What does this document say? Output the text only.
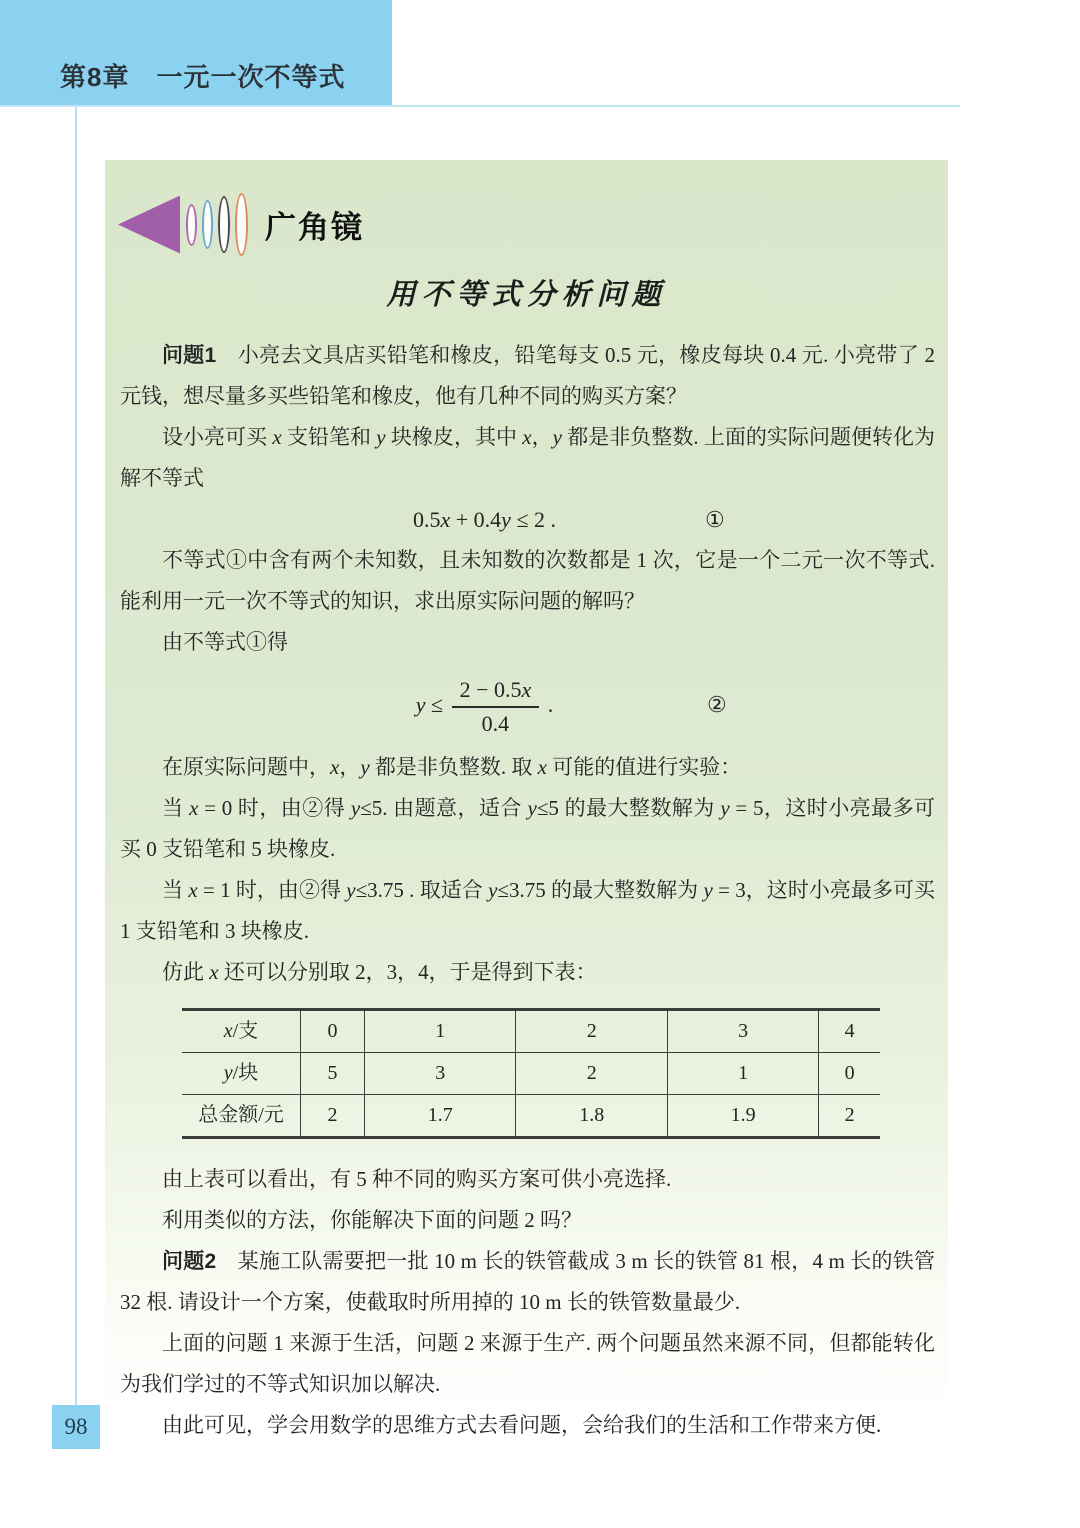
第8章　一元一次不等式
98
广角镜
用不等式分析问题

问题1　小亮去文具店买铅笔和橡皮，铅笔每支 0.5 元，橡皮每块 0.4 元. 小亮带了 2 元钱，想尽量多买些铅笔和橡皮，他有几种不同的购买方案？

设小亮可买 x 支铅笔和 y 块橡皮，其中 x，y 都是非负整数. 上面的实际问题便转化为解不等式

0.5x + 0.4y ≤ 2 .	①

不等式①中含有两个未知数，且未知数的次数都是 1 次，它是一个二元一次不等式. 能利用一元一次不等式的知识，求出原实际问题的解吗？

由不等式①得

$y \le \frac{2 - 0.5x}{0.4}$ .	②

在原实际问题中，x，y 都是非负整数. 取 x 可能的值进行实验：

当 x = 0 时，由②得 y≤5. 由题意，适合 y≤5 的最大整数解为 y = 5，这时小亮最多可买 0 支铅笔和 5 块橡皮.

当 x = 1 时，由②得 y≤3.75 . 取适合 y≤3.75 的最大整数解为 y = 3，这时小亮最多可买 1 支铅笔和 3 块橡皮.

仿此 x 还可以分别取 2，3，4，于是得到下表：

x/支	0	1	2	3	4
y/块	5	3	2	1	0
总金额/元	2	1.7	1.8	1.9	2

由上表可以看出，有 5 种不同的购买方案可供小亮选择.

利用类似的方法，你能解决下面的问题 2 吗？

问题2　某施工队需要把一批 10 m 长的铁管截成 3 m 长的铁管 81 根，4 m 长的铁管 32 根. 请设计一个方案，使截取时所用掉的 10 m 长的铁管数量最少.

上面的问题 1 来源于生活，问题 2 来源于生产. 两个问题虽然来源不同，但都能转化为我们学过的不等式知识加以解决.

由此可见，学会用数学的思维方式去看问题，会给我们的生活和工作带来方便.
